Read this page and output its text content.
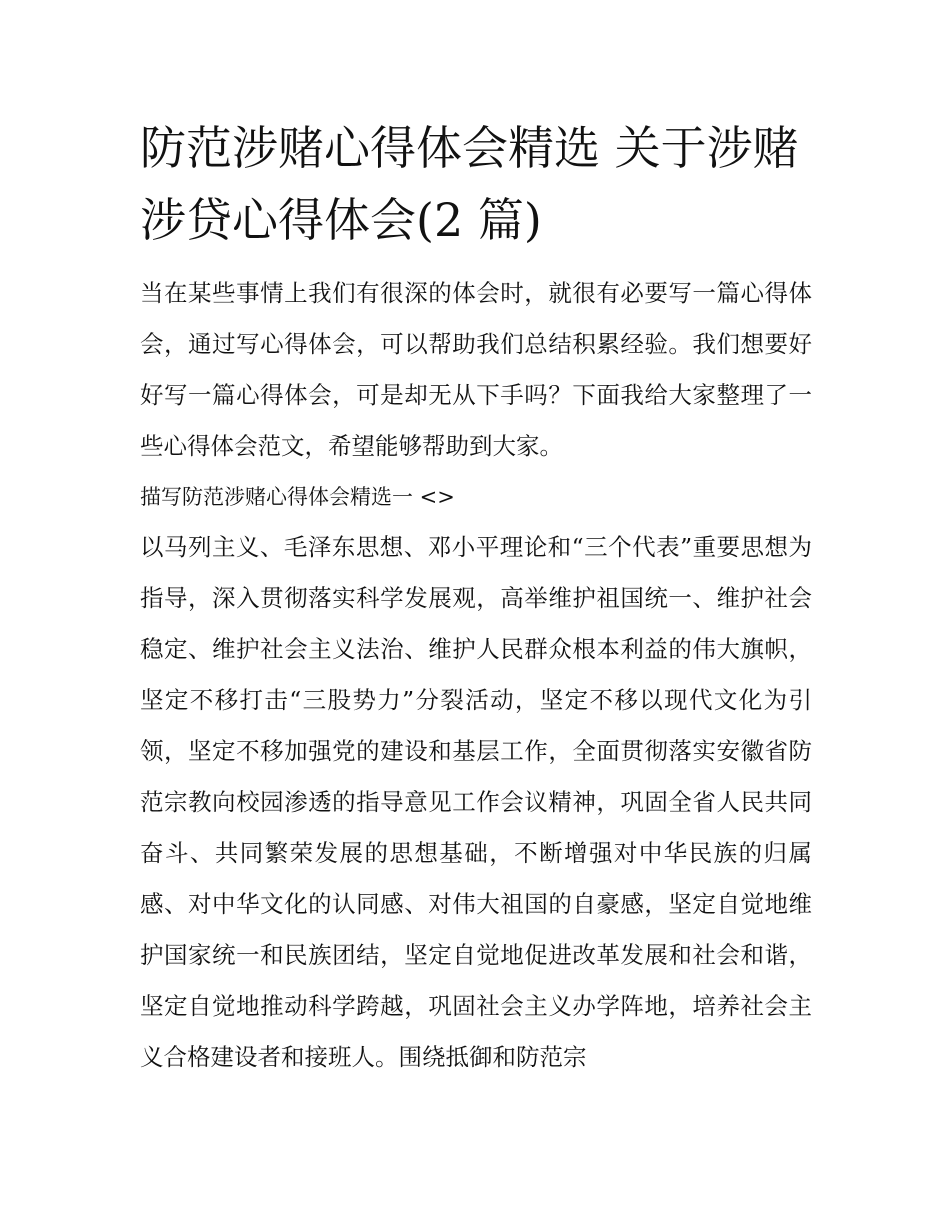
防范涉赌心得体会精选 关于涉赌涉贷心得体会(2 篇)

当在某些事情上我们有很深的体会时，就很有必要写一篇心得体会，通过写心得体会，可以帮助我们总结积累经验。我们想要好好写一篇心得体会，可是却无从下手吗？下面我给大家整理了一些心得体会范文，希望能够帮助到大家。

描写防范涉赌心得体会精选一 <>

以马列主义、毛泽东思想、邓小平理论和“三个代表”重要思想为指导，深入贯彻落实科学发展观，高举维护祖国统一、维护社会稳定、维护社会主义法治、维护人民群众根本利益的伟大旗帜，坚定不移打击“三股势力”分裂活动，坚定不移以现代文化为引领，坚定不移加强党的建设和基层工作，全面贯彻落实安徽省防范宗教向校园渗透的指导意见工作会议精神，巩固全省人民共同奋斗、共同繁荣发展的思想基础，不断增强对中华民族的归属感、对中华文化的认同感、对伟大祖国的自豪感，坚定自觉地维护国家统一和民族团结，坚定自觉地促进改革发展和社会和谐，坚定自觉地推动科学跨越，巩固社会主义办学阵地，培养社会主义合格建设者和接班人。围绕抵御和防范宗
